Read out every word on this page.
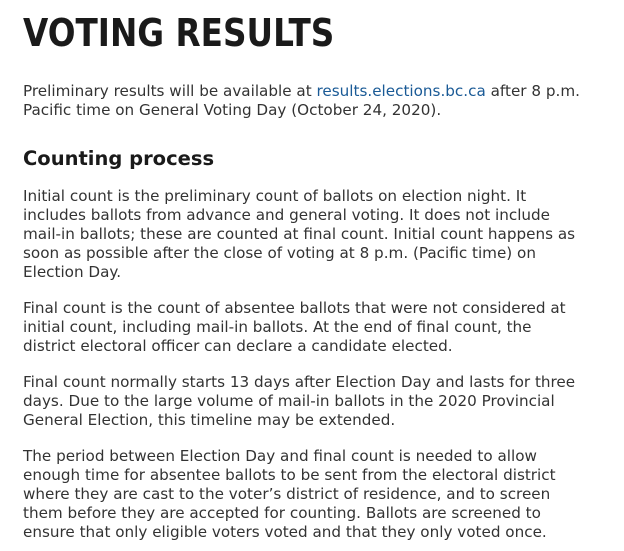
VOTING RESULTS

Preliminary results will be available at results.elections.bc.ca after 8 p.m.
Pacific time on General Voting Day (October 24, 2020).

Counting process

Initial count is the preliminary count of ballots on election night. It
includes ballots from advance and general voting. It does not include
mail-in ballots; these are counted at final count. Initial count happens as
soon as possible after the close of voting at 8 p.m. (Pacific time) on
Election Day.

Final count is the count of absentee ballots that were not considered at
initial count, including mail-in ballots. At the end of final count, the
district electoral officer can declare a candidate elected.

Final count normally starts 13 days after Election Day and lasts for three
days. Due to the large volume of mail-in ballots in the 2020 Provincial
General Election, this timeline may be extended.

The period between Election Day and final count is needed to allow
enough time for absentee ballots to be sent from the electoral district
where they are cast to the voter’s district of residence, and to screen
them before they are accepted for counting. Ballots are screened to
ensure that only eligible voters voted and that they only voted once.
